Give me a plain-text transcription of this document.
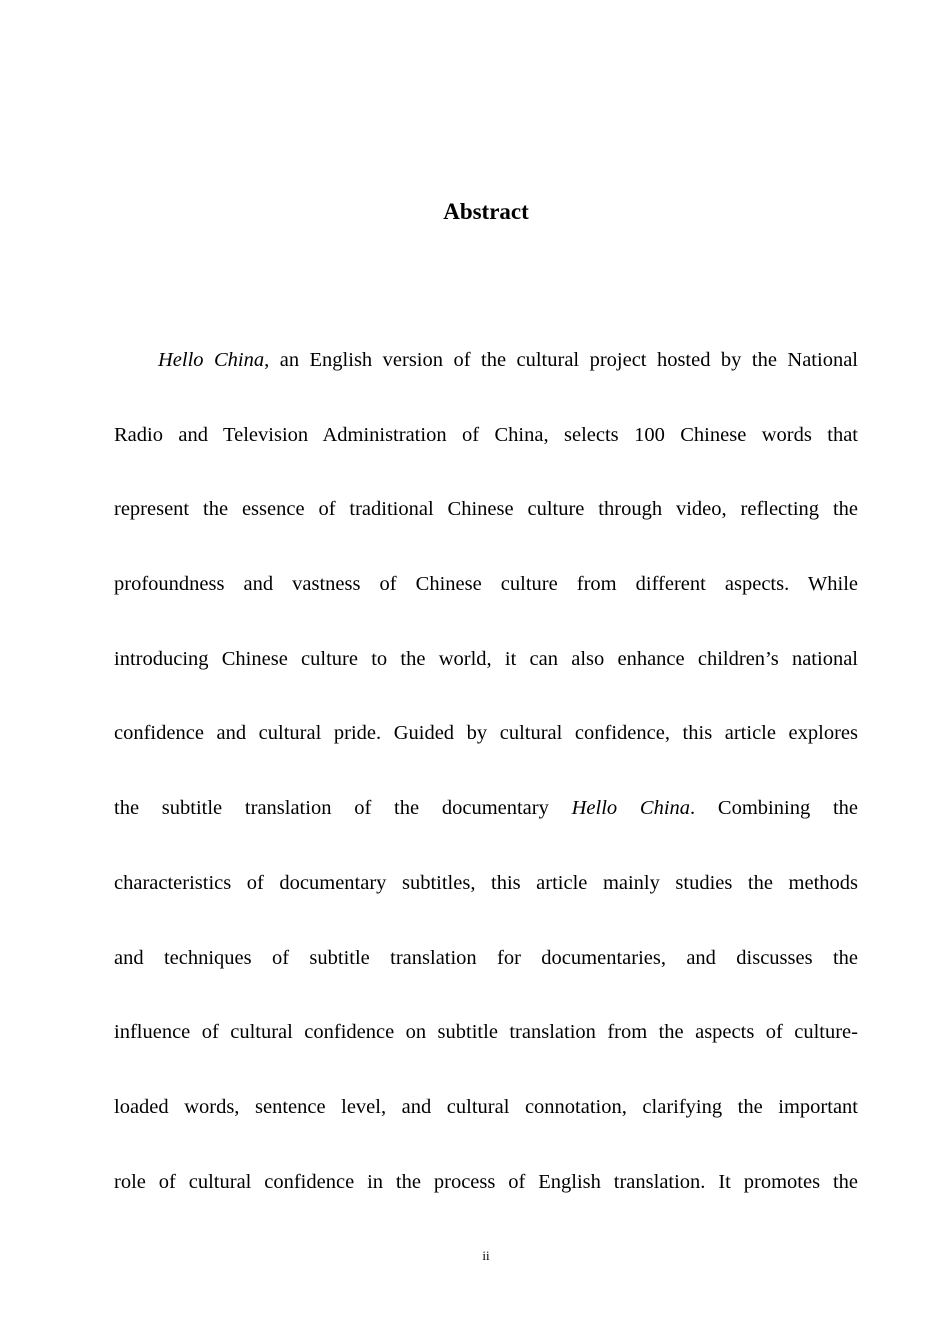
Abstract
Hello China, an English version of the cultural project hosted by the National
Radio and Television Administration of China, selects 100 Chinese words that
represent the essence of traditional Chinese culture through video, reflecting the
profoundness and vastness of Chinese culture from different aspects. While
introducing Chinese culture to the world, it can also enhance children’s national
confidence and cultural pride. Guided by cultural confidence, this article explores
the subtitle translation of the documentary Hello China. Combining the
characteristics of documentary subtitles, this article mainly studies the methods
and techniques of subtitle translation for documentaries, and discusses the
influence of cultural confidence on subtitle translation from the aspects of culture-
loaded words, sentence level, and cultural connotation, clarifying the important
role of cultural confidence in the process of English translation. It promotes the
ii
